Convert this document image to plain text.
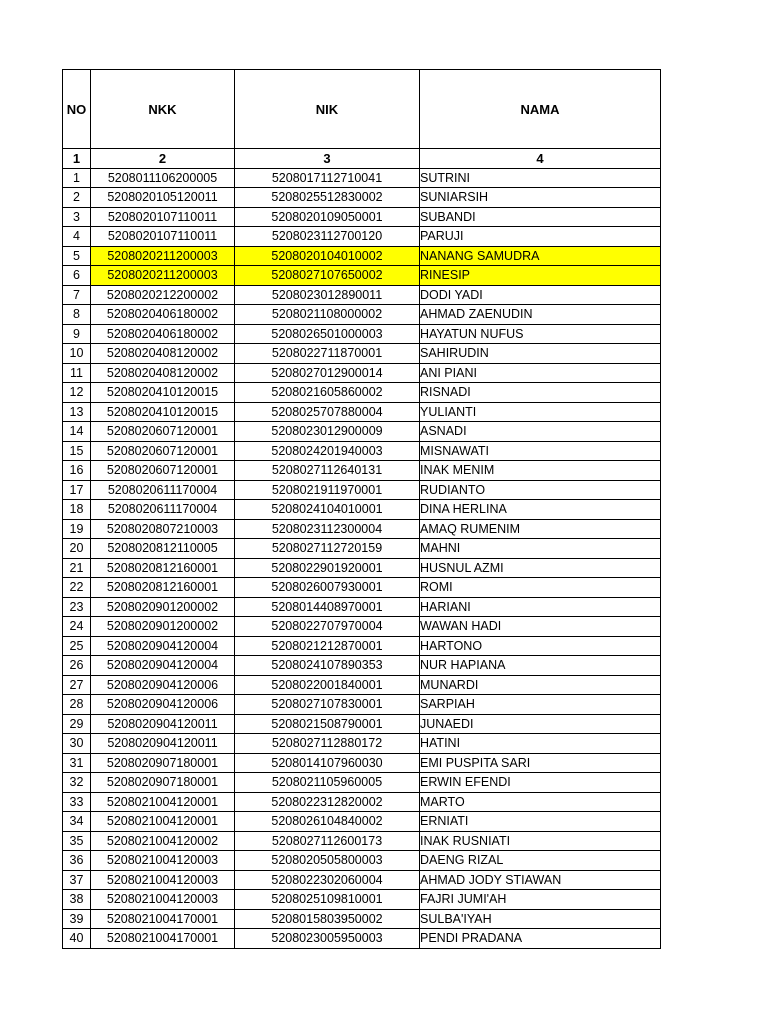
NO	NKK	NIK	NAMA
1	2	3	4
1	5208011106200005	5208017112710041	SUTRINI
2	5208020105120011	5208025512830002	SUNIARSIH
3	5208020107110011	5208020109050001	SUBANDI
4	5208020107110011	5208023112700120	PARUJI
5	5208020211200003	5208020104010002	NANANG SAMUDRA
6	5208020211200003	5208027107650002	RINESIP
7	5208020212200002	5208023012890011	DODI YADI
8	5208020406180002	5208021108000002	AHMAD ZAENUDIN
9	5208020406180002	5208026501000003	HAYATUN NUFUS
10	5208020408120002	5208022711870001	SAHIRUDIN
11	5208020408120002	5208027012900014	ANI PIANI
12	5208020410120015	5208021605860002	RISNADI
13	5208020410120015	5208025707880004	YULIANTI
14	5208020607120001	5208023012900009	ASNADI
15	5208020607120001	5208024201940003	MISNAWATI
16	5208020607120001	5208027112640131	INAK MENIM
17	5208020611170004	5208021911970001	RUDIANTO
18	5208020611170004	5208024104010001	DINA HERLINA
19	5208020807210003	5208023112300004	AMAQ RUMENIM
20	5208020812110005	5208027112720159	MAHNI
21	5208020812160001	5208022901920001	HUSNUL AZMI
22	5208020812160001	5208026007930001	ROMI
23	5208020901200002	5208014408970001	HARIANI
24	5208020901200002	5208022707970004	WAWAN HADI
25	5208020904120004	5208021212870001	HARTONO
26	5208020904120004	5208024107890353	NUR HAPIANA
27	5208020904120006	5208022001840001	MUNARDI
28	5208020904120006	5208027107830001	SARPIAH
29	5208020904120011	5208021508790001	JUNAEDI
30	5208020904120011	5208027112880172	HATINI
31	5208020907180001	5208014107960030	EMI PUSPITA SARI
32	5208020907180001	5208021105960005	ERWIN EFENDI
33	5208021004120001	5208022312820002	MARTO
34	5208021004120001	5208026104840002	ERNIATI
35	5208021004120002	5208027112600173	INAK RUSNIATI
36	5208021004120003	5208020505800003	DAENG RIZAL
37	5208021004120003	5208022302060004	AHMAD JODY STIAWAN
38	5208021004120003	5208025109810001	FAJRI JUMI'AH
39	5208021004170001	5208015803950002	SULBA'IYAH
40	5208021004170001	5208023005950003	PENDI PRADANA
